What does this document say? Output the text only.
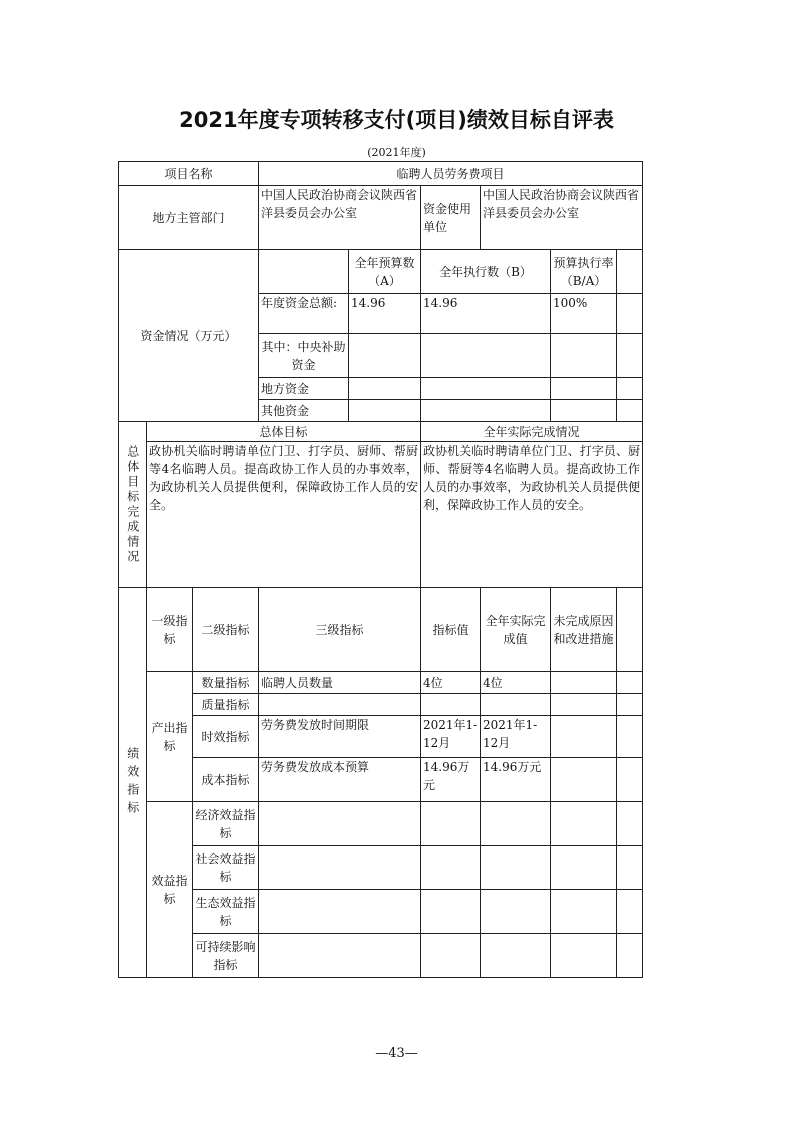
2021年度专项转移支付(项目)绩效目标自评表
(2021年度)
项目名称			临聘人员劳务费项目					
地方主管部门			中国人民政治协商会议陕西省洋县委员会办公室		资金使用单位	中国人民政治协商会议陕西省洋县委员会办公室		
资金情况（万元）				全年预算数（A）	全年执行数（B）		预算执行率（B/A）	
			年度资金总额:	14.96	14.96		100%	
			其中：中央补助资金					
			地方资金					
			其他资金					
总体目标完成情况	总体目标				全年实际完成情况			
	政协机关临时聘请单位门卫、打字员、厨师、帮厨等4名临聘人员。提高政协工作人员的办事效率，为政协机关人员提供便利，保障政协工作人员的安全。				政协机关临时聘请单位门卫、打字员、厨师、帮厨等4名临聘人员。提高政协工作人员的办事效率，为政协机关人员提供便利，保障政协工作人员的安全。			
绩效指标	一级指标	二级指标	三级指标		指标值	全年实际完成值	未完成原因和改进措施	
	产出指标	数量指标	临聘人员数量		4位	4位		
		质量指标						
		时效指标	劳务费发放时间期限		2021年1-12月	2021年1-12月		
		成本指标	劳务费发放成本预算		14.96万元	14.96万元		
	效益指标	经济效益指标						
		社会效益指标						
		生态效益指标						
		可持续影响指标						
—43—
